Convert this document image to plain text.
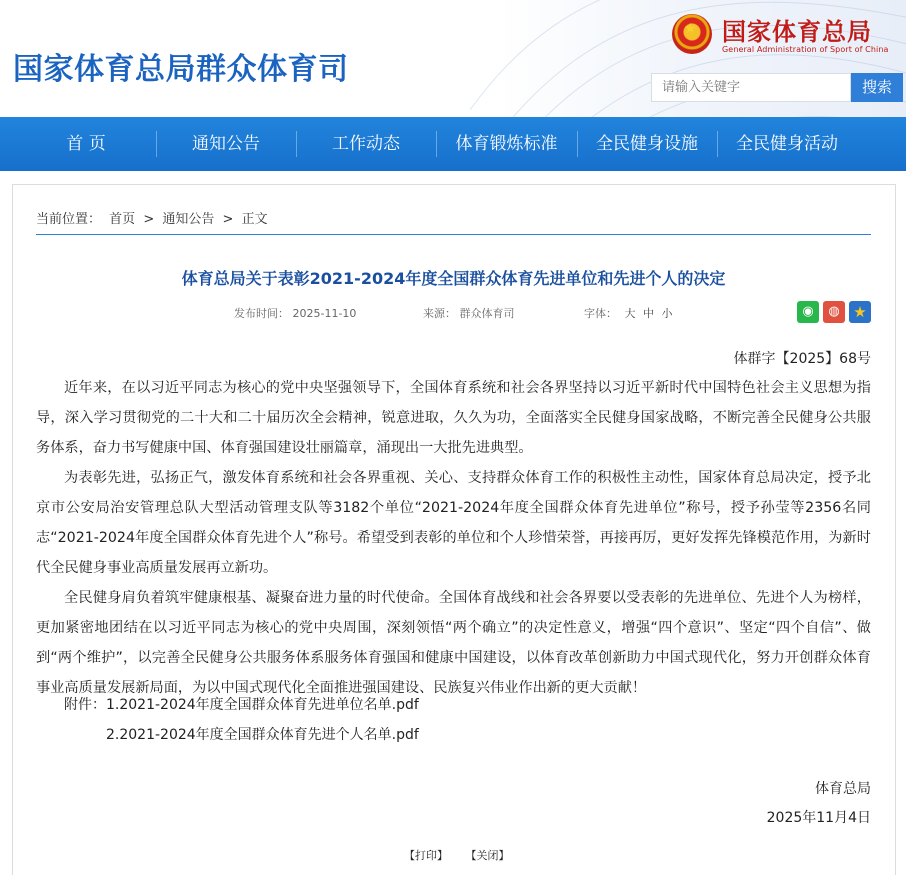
国家体育总局群众体育司
★ 国家体育总局
General Administration of Sport of China
请输入关键字	搜索
首 页	通知公告	工作动态	体育锻炼标准	全民健身设施	全民健身活动
当前位置： 首页 > 通知公告 > 正文
体育总局关于表彰2021-2024年度全国群众体育先进单位和先进个人的决定
发布时间： 2025-11-10	来源： 群众体育司	字体： 大 中 小	◉	◍ ★
体群字【2025】68号

近年来，在以习近平同志为核心的党中央坚强领导下，全国体育系统和社会各界坚持以习近平新时代中国特色社会主义思想为指导，深入学习贯彻党的二十大和二十届历次全会精神，锐意进取，久久为功，全面落实全民健身国家战略，不断完善全民健身公共服务体系，奋力书写健康中国、体育强国建设壮丽篇章，涌现出一大批先进典型。

为表彰先进，弘扬正气，激发体育系统和社会各界重视、关心、支持群众体育工作的积极性主动性，国家体育总局决定，授予北京市公安局治安管理总队大型活动管理支队等3182个单位“2021-2024年度全国群众体育先进单位”称号，授予孙莹等2356名同志“2021-2024年度全国群众体育先进个人”称号。希望受到表彰的单位和个人珍惜荣誉，再接再厉，更好发挥先锋模范作用，为新时代全民健身事业高质量发展再立新功。

全民健身肩负着筑牢健康根基、凝聚奋进力量的时代使命。全国体育战线和社会各界要以受表彰的先进单位、先进个人为榜样，更加紧密地团结在以习近平同志为核心的党中央周围，深刻领悟“两个确立”的决定性意义，增强“四个意识”、坚定“四个自信”、做到“两个维护”，以完善全民健身公共服务体系服务体育强国和健康中国建设，以体育改革创新助力中国式现代化，努力开创群众体育事业高质量发展新局面，为以中国式现代化全面推进强国建设、民族复兴伟业作出新的更大贡献！

附件：1.2021-2024年度全国群众体育先进单位名单.pdf
2.2021-2024年度全国群众体育先进个人名单.pdf
体育总局
2025年11月4日
【打印】 【关闭】
